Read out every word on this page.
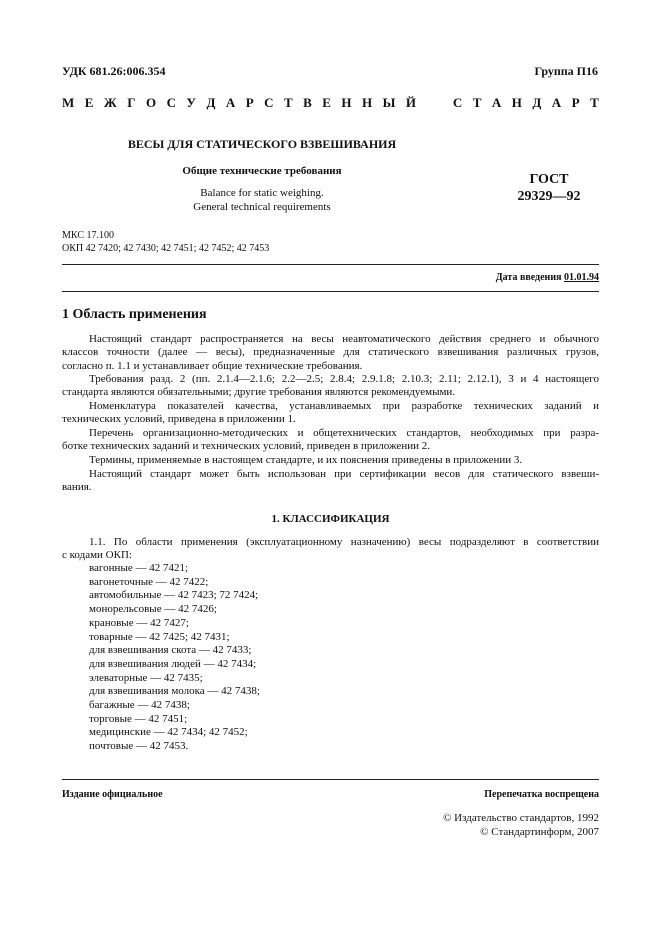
УДК 681.26:006.354	Группа П16
М Е Ж Г О С У Д А Р С Т В Е Н Н Ы Й	С Т А Н Д А Р Т
ВЕСЫ ДЛЯ СТАТИЧЕСКОГО ВЗВЕШИВАНИЯ
Общие технические требования
Balance for static weighing.
General technical requirements
ГОСТ
29329—92
МКС 17.100
ОКП 42 7420; 42 7430; 42 7451; 42 7452; 42 7453
Дата введения 01.01.94
1 Область применения
Настоящий стандарт распространяется на весы неавтоматического действия среднего и обычного
классов точности (далее — весы), предназначенные для статического взвешивания различных грузов,
согласно п. 1.1 и устанавливает общие технические требования.
Требования разд. 2 (пп. 2.1.4—2.1.6; 2.2—2.5; 2.8.4; 2.9.1.8; 2.10.3; 2.11; 2.12.1), 3 и 4 настоящего
стандарта являются обязательными; другие требования являются рекомендуемыми.
Номенклатура показателей качества, устанавливаемых при разработке технических заданий и
технических условий, приведена в приложении 1.
Перечень организационно-методических и общетехнических стандартов, необходимых при разра-
ботке технических заданий и технических условий, приведен в приложении 2.
Термины, применяемые в настоящем стандарте, и их пояснения приведены в приложении 3.
Настоящий стандарт может быть использован при сертификации весов для статического взвеши-
вания.
1. КЛАССИФИКАЦИЯ
1.1. По области применения (эксплуатационному назначению) весы подразделяют в соответствии
с кодами ОКП:
вагонные — 42 7421;
вагонеточные — 42 7422;
автомобильные — 42 7423; 72 7424;
монорельсовые — 42 7426;
крановые — 42 7427;
товарные — 42 7425; 42 7431;
для взвешивания скота — 42 7433;
для взвешивания людей — 42 7434;
элеваторные — 42 7435;
для взвешивания молока — 42 7438;
багажные — 42 7438;
торговые — 42 7451;
медицинские — 42 7434; 42 7452;
почтовые — 42 7453.
Издание официальное	Перепечатка воспрещена
© Издательство стандартов, 1992
© Стандартинформ, 2007
